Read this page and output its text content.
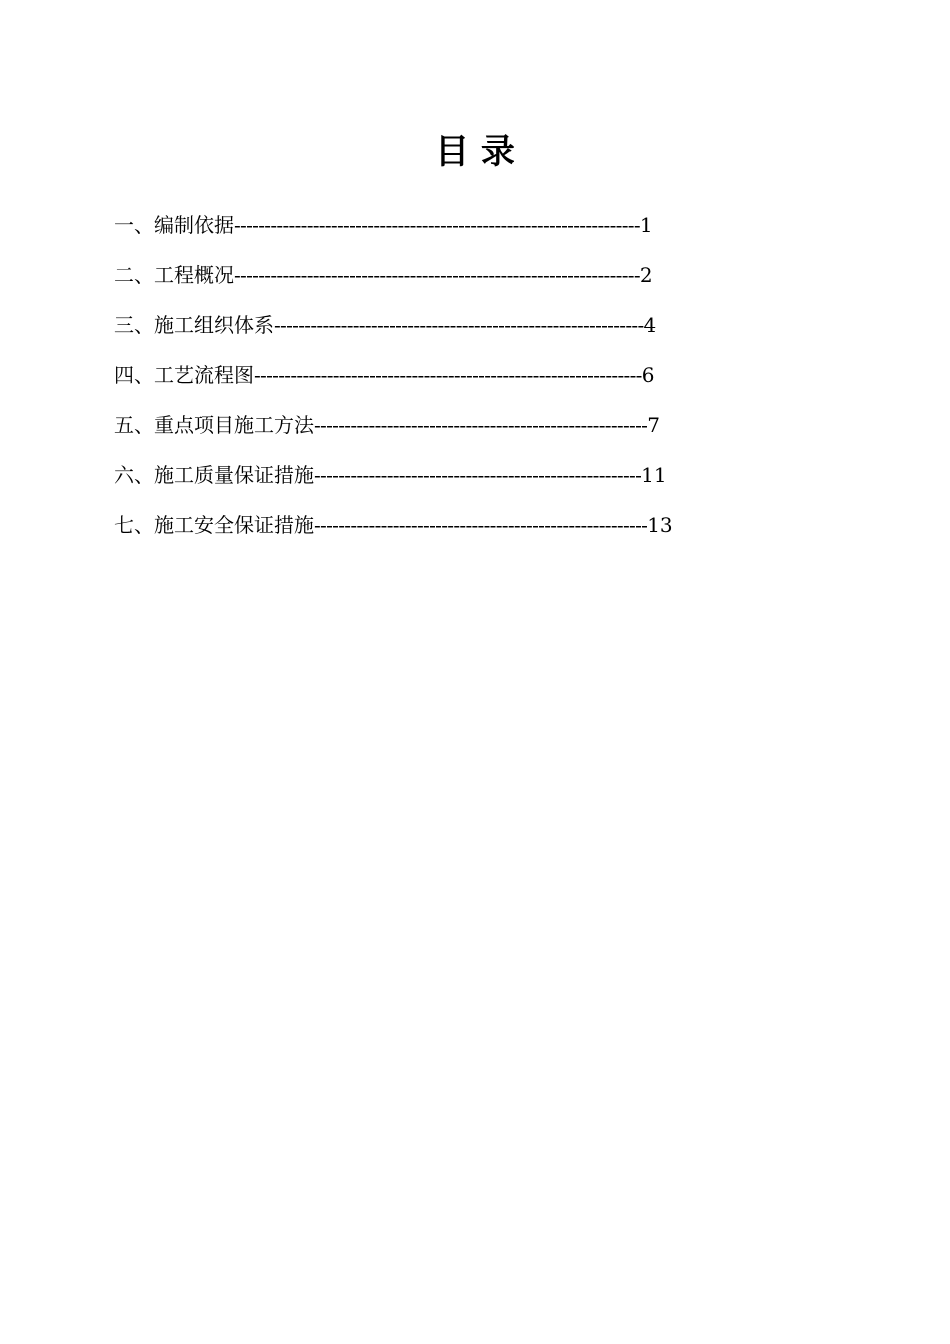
目 录
一、编制依据-------------------------------------------------------------------1
二、工程概况-------------------------------------------------------------------2
三、施工组织体系-------------------------------------------------------------4
四、工艺流程图----------------------------------------------------------------6
五、重点项目施工方法-------------------------------------------------------7
六、施工质量保证措施------------------------------------------------------11
七、施工安全保证措施-------------------------------------------------------13
